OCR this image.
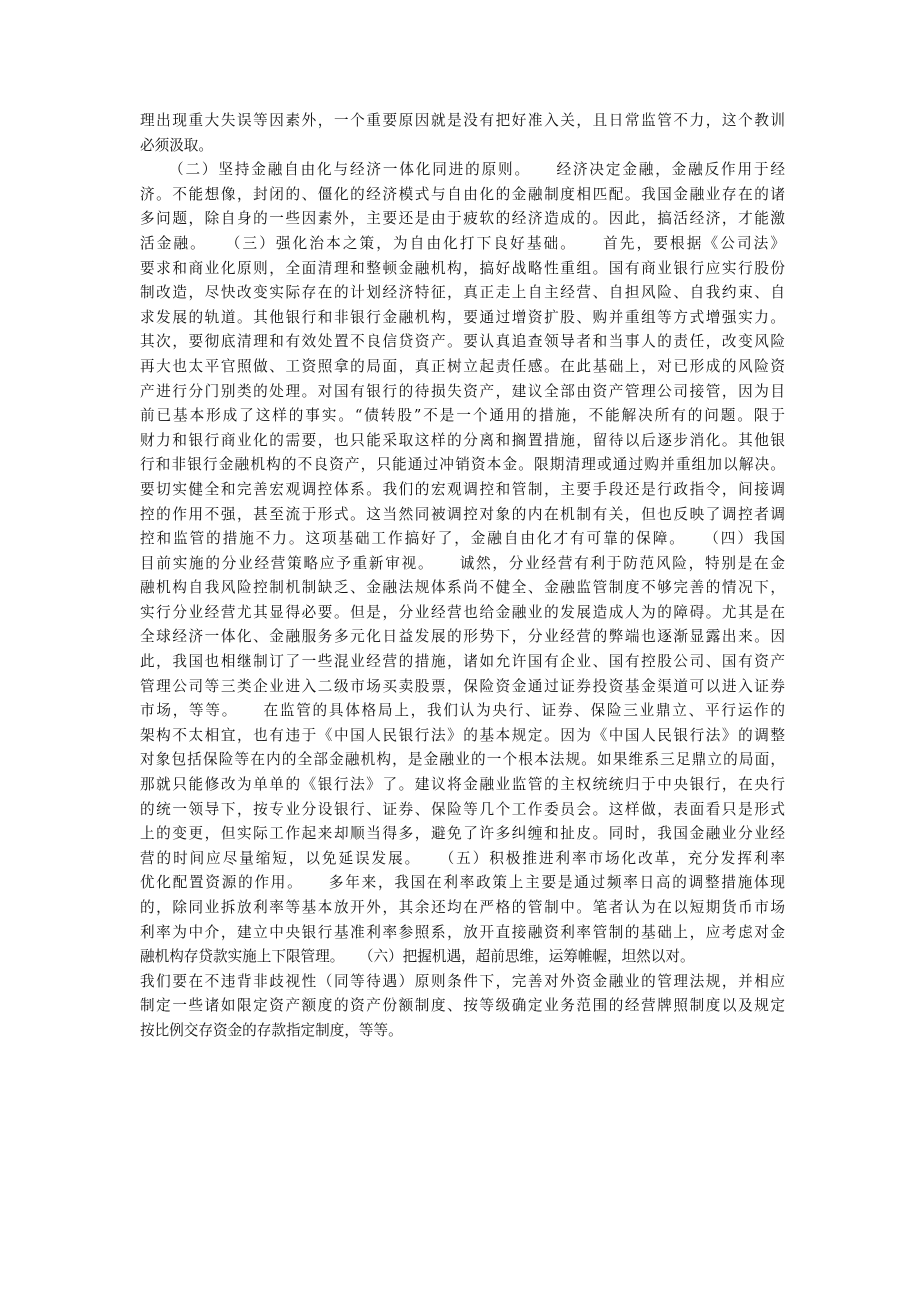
理出现重大失误等因素外，一个重要原因就是没有把好准入关，且日常监管不力，这个教训
必须汲取。
（二）坚持金融自由化与经济一体化同进的原则。　　经济决定金融，金融反作用于经
济。不能想像，封闭的、僵化的经济模式与自由化的金融制度相匹配。我国金融业存在的诸
多问题，除自身的一些因素外，主要还是由于疲软的经济造成的。因此，搞活经济，才能激
活金融。　　（三）强化治本之策，为自由化打下良好基础。　　首先，要根据《公司法》
要求和商业化原则，全面清理和整顿金融机构，搞好战略性重组。国有商业银行应实行股份
制改造，尽快改变实际存在的计划经济特征，真正走上自主经营、自担风险、自我约束、自
求发展的轨道。其他银行和非银行金融机构，要通过增资扩股、购并重组等方式增强实力。
其次，要彻底清理和有效处置不良信贷资产。要认真追查领导者和当事人的责任，改变风险
再大也太平官照做、工资照拿的局面，真正树立起责任感。在此基础上，对已形成的风险资
产进行分门别类的处理。对国有银行的待损失资产，建议全部由资产管理公司接管，因为目
前已基本形成了这样的事实。“债转股”不是一个通用的措施，不能解决所有的问题。限于
财力和银行商业化的需要，也只能采取这样的分离和搁置措施，留待以后逐步消化。其他银
行和非银行金融机构的不良资产，只能通过冲销资本金。限期清理或通过购并重组加以解决。
要切实健全和完善宏观调控体系。我们的宏观调控和管制，主要手段还是行政指令，间接调
控的作用不强，甚至流于形式。这当然同被调控对象的内在机制有关，但也反映了调控者调
控和监管的措施不力。这项基础工作搞好了，金融自由化才有可靠的保障。　　（四）我国
目前实施的分业经营策略应予重新审视。　　诚然，分业经营有利于防范风险，特别是在金
融机构自我风险控制机制缺乏、金融法规体系尚不健全、金融监管制度不够完善的情况下，
实行分业经营尤其显得必要。但是，分业经营也给金融业的发展造成人为的障碍。尤其是在
全球经济一体化、金融服务多元化日益发展的形势下，分业经营的弊端也逐渐显露出来。因
此，我国也相继制订了一些混业经营的措施，诸如允许国有企业、国有控股公司、国有资产
管理公司等三类企业进入二级市场买卖股票，保险资金通过证券投资基金渠道可以进入证券
市场，等等。　　在监管的具体格局上，我们认为央行、证券、保险三业鼎立、平行运作的
架构不太相宜，也有违于《中国人民银行法》的基本规定。因为《中国人民银行法》的调整
对象包括保险等在内的全部金融机构，是金融业的一个根本法规。如果维系三足鼎立的局面，
那就只能修改为单单的《银行法》了。建议将金融业监管的主权统统归于中央银行，在央行
的统一领导下，按专业分设银行、证券、保险等几个工作委员会。这样做，表面看只是形式
上的变更，但实际工作起来却顺当得多，避免了许多纠缠和扯皮。同时，我国金融业分业经
营的时间应尽量缩短，以免延误发展。　　（五）积极推进利率市场化改革，充分发挥利率
优化配置资源的作用。　　多年来，我国在利率政策上主要是通过频率日高的调整措施体现
的，除同业拆放利率等基本放开外，其余还均在严格的管制中。笔者认为在以短期货币市场
利率为中介，建立中央银行基准利率参照系，放开直接融资利率管制的基础上，应考虑对金
融机构存贷款实施上下限管理。　　（六）把握机遇，超前思维，运筹帷幄，坦然以对。
我们要在不违背非歧视性（同等待遇）原则条件下，完善对外资金融业的管理法规，并相应
制定一些诸如限定资产额度的资产份额制度、按等级确定业务范围的经营牌照制度以及规定
按比例交存资金的存款指定制度，等等。
